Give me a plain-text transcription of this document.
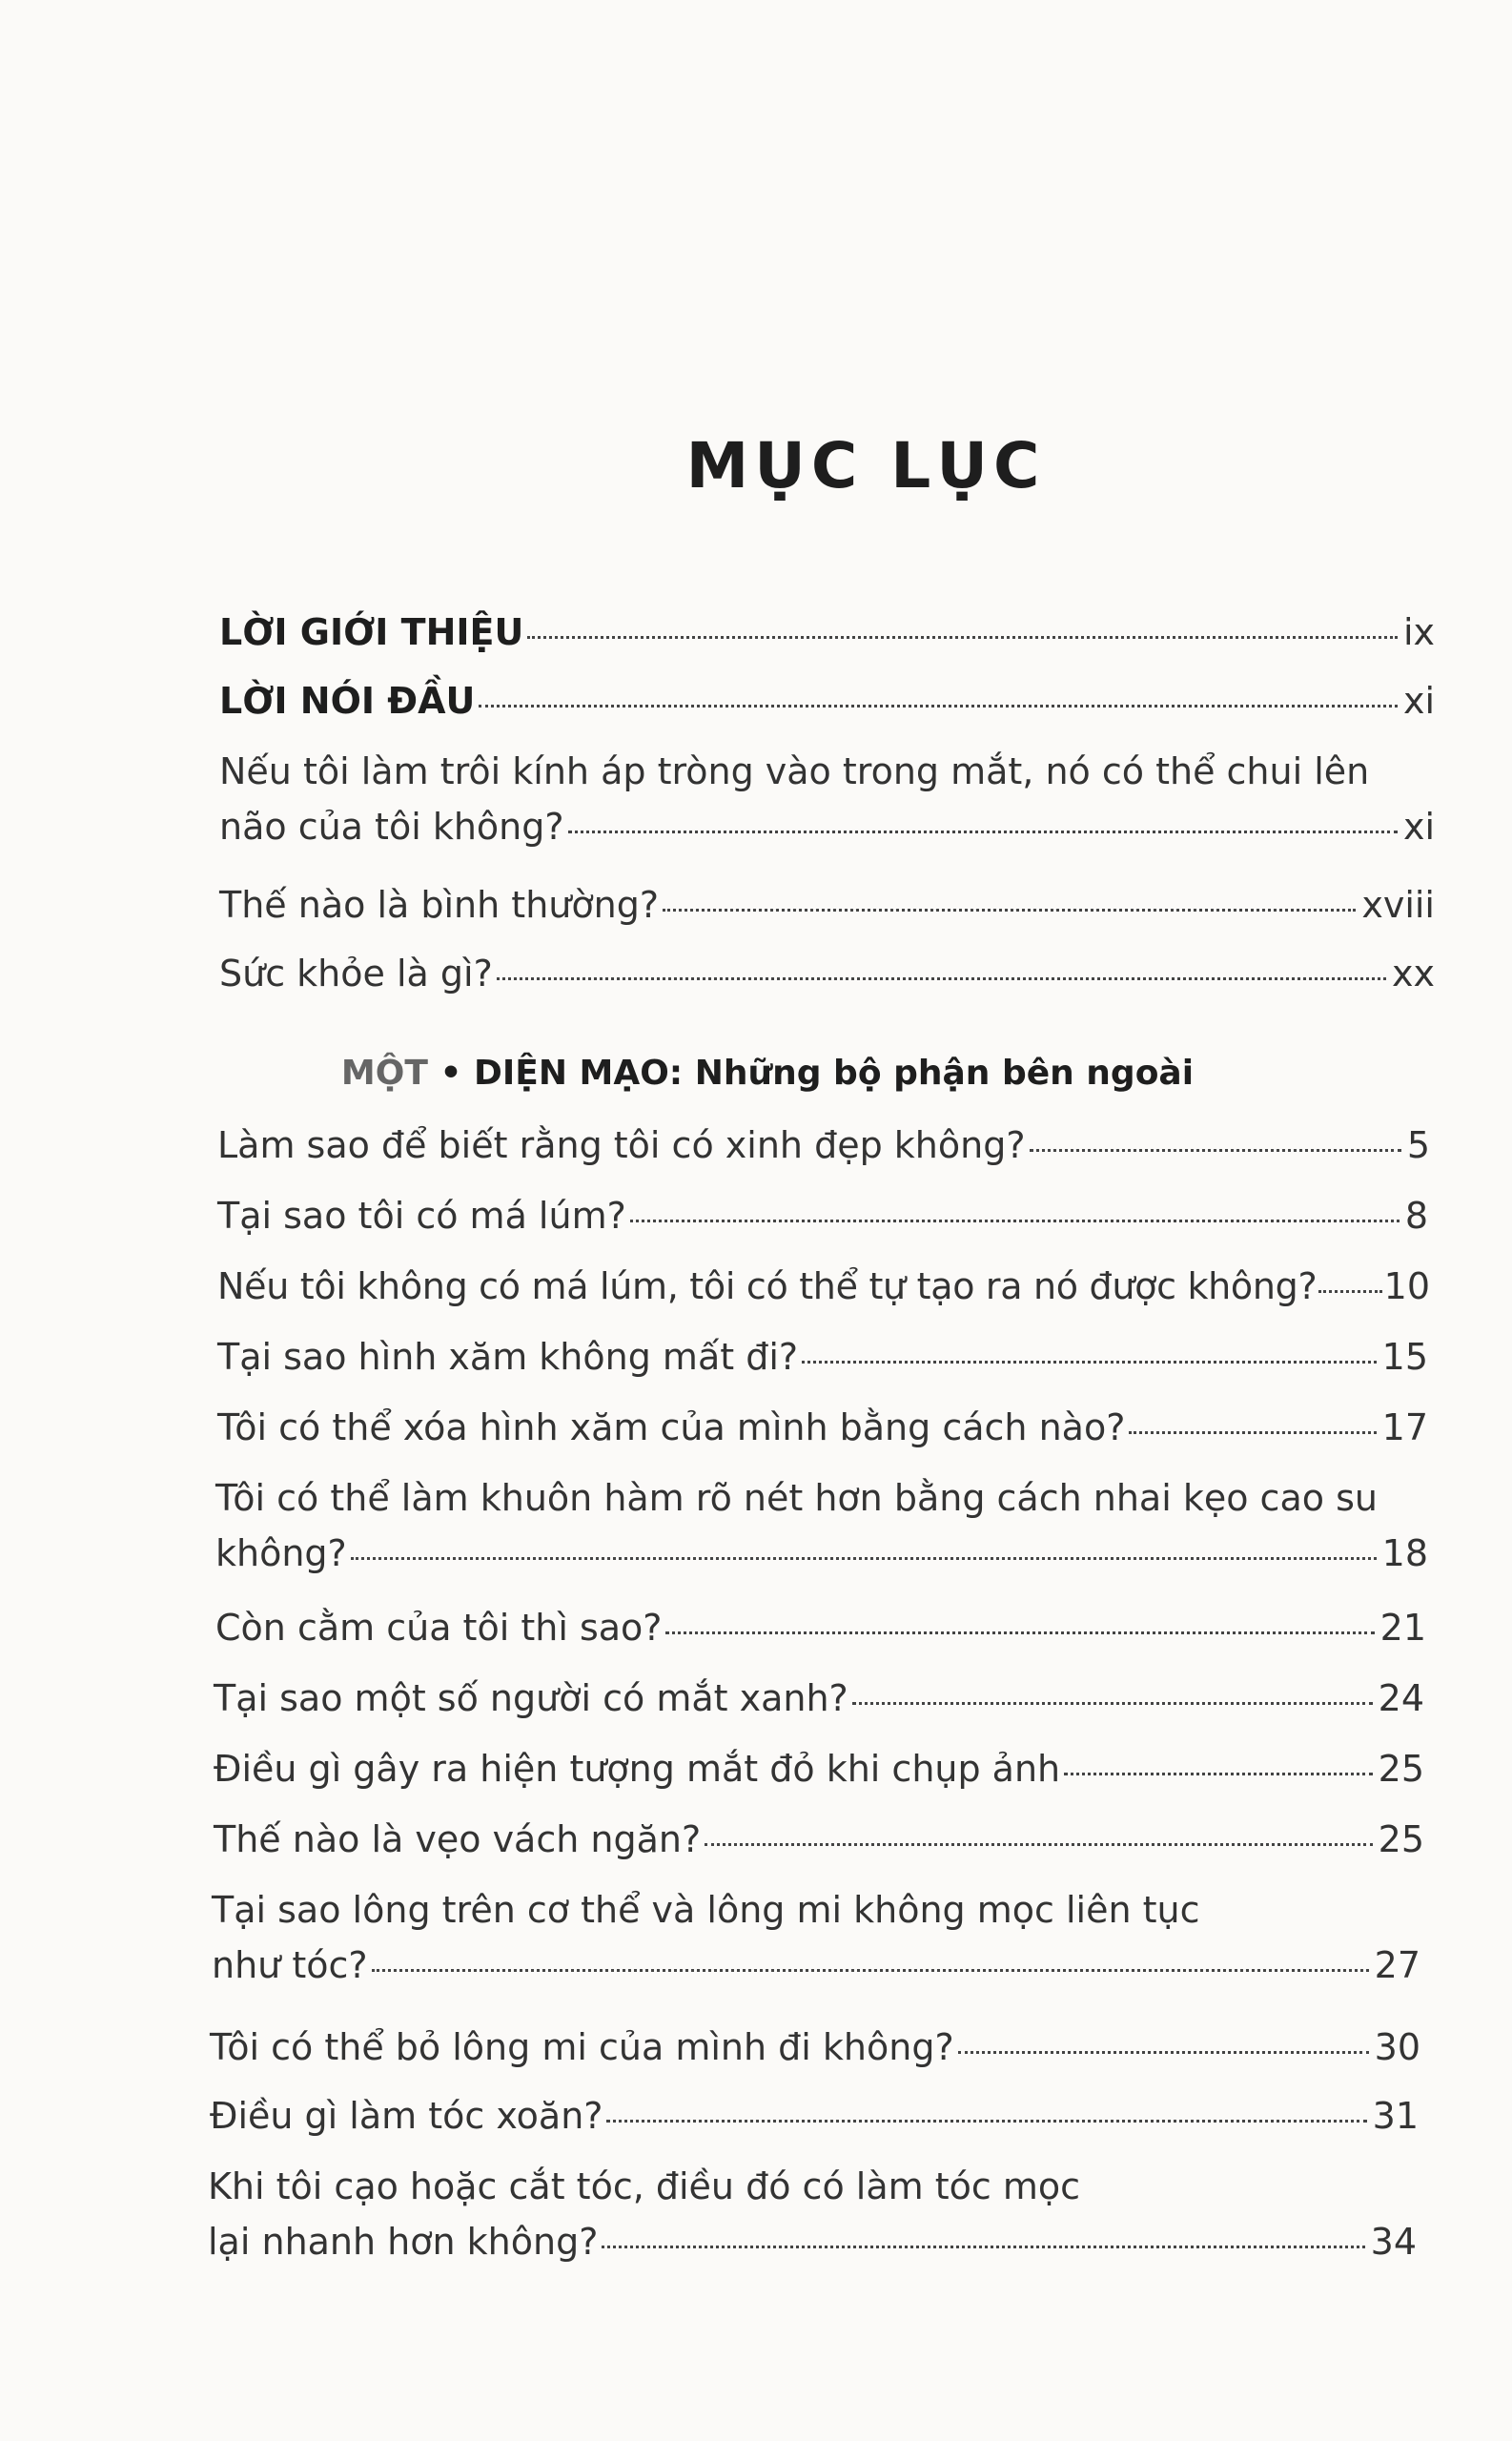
MỤC LỤC
LỜI GIỚI THIỆU	ix
LỜI NÓI ĐẦU	xi
Nếu tôi làm trôi kính áp tròng vào trong mắt, nó có thể chui lên
não của tôi không?	xi
Thế nào là bình thường?	xviii
Sức khỏe là gì?	xx
MỘT • DIỆN MẠO: Những bộ phận bên ngoài
Làm sao để biết rằng tôi có xinh đẹp không?	5
Tại sao tôi có má lúm?	8
Nếu tôi không có má lúm, tôi có thể tự tạo ra nó được không? 10
Tại sao hình xăm không mất đi?	15
Tôi có thể xóa hình xăm của mình bằng cách nào?	17
Tôi có thể làm khuôn hàm rõ nét hơn bằng cách nhai kẹo cao su
không?	18
Còn cằm của tôi thì sao?	21
Tại sao một số người có mắt xanh?	24
Điều gì gây ra hiện tượng mắt đỏ khi chụp ảnh	25
Thế nào là vẹo vách ngăn?	25
Tại sao lông trên cơ thể và lông mi không mọc liên tục
như tóc?	27
Tôi có thể bỏ lông mi của mình đi không?	30
Điều gì làm tóc xoăn?	31
Khi tôi cạo hoặc cắt tóc, điều đó có làm tóc mọc
lại nhanh hơn không?	34
